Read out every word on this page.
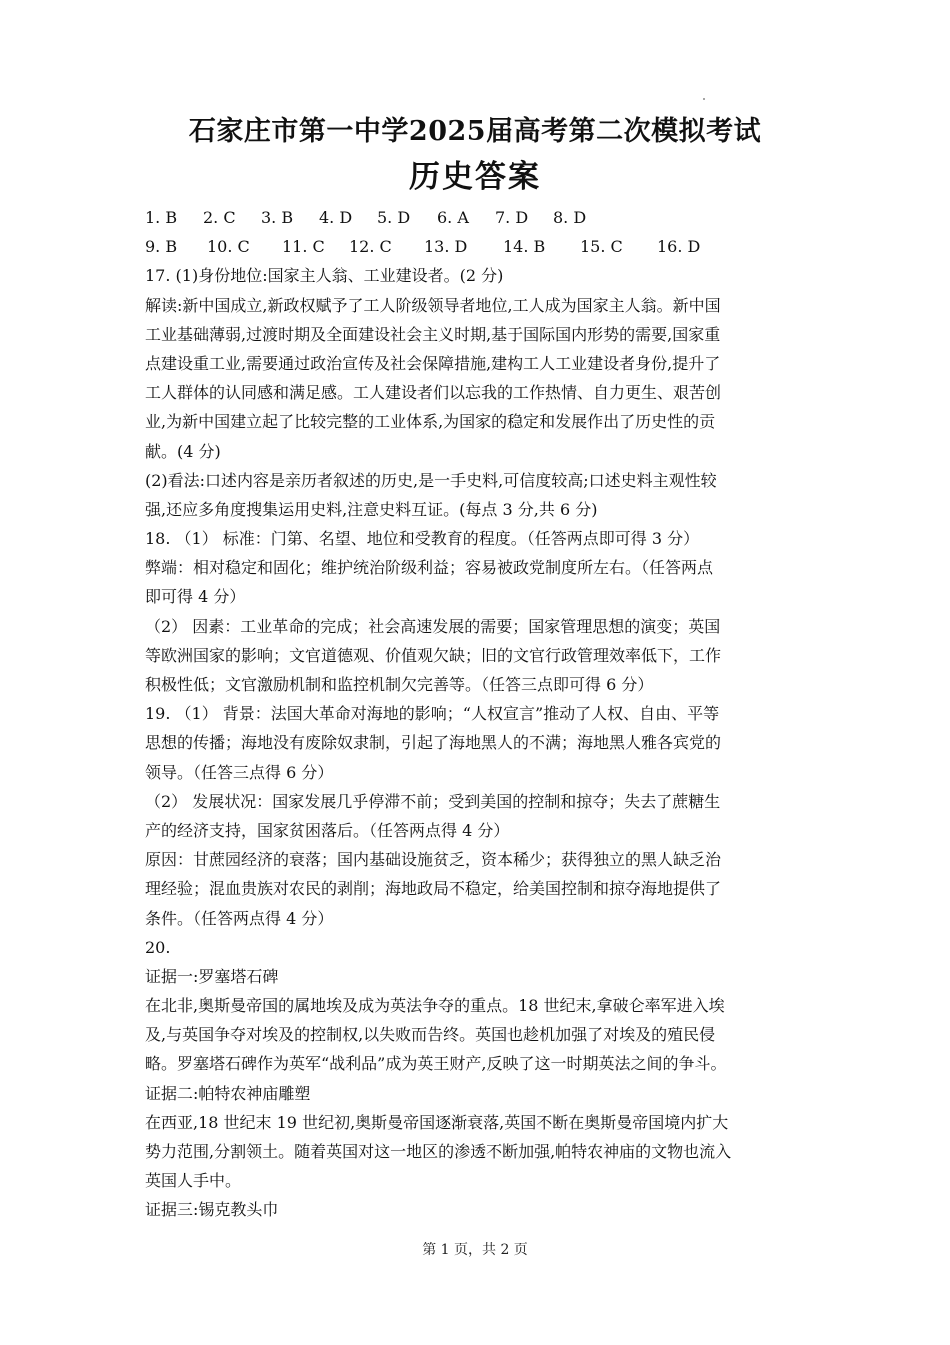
石家庄市第一中学2025届高考第二次模拟考试
历史答案
1. B 2. C 3. B 4. D 5. D 6. A 7. D 8. D
9. B 10. C 11. C 12. C 13. D 14. B 15. C 16. D
17. (1)身份地位:国家主人翁、工业建设者。(2 分)
解读:新中国成立,新政权赋予了工人阶级领导者地位,工人成为国家主人翁。新中国
工业基础薄弱,过渡时期及全面建设社会主义时期,基于国际国内形势的需要,国家重
点建设重工业,需要通过政治宣传及社会保障措施,建构工人工业建设者身份,提升了
工人群体的认同感和满足感。工人建设者们以忘我的工作热情、自力更生、艰苦创
业,为新中国建立起了比较完整的工业体系,为国家的稳定和发展作出了历史性的贡
献。(4 分)
(2)看法:口述内容是亲历者叙述的历史,是一手史料,可信度较高;口述史料主观性较
强,还应多角度搜集运用史料,注意史料互证。(每点 3 分,共 6 分)
18. （1） 标准：门第、名望、地位和受教育的程度。（任答两点即可得 3 分）
弊端：相对稳定和固化；维护统治阶级利益；容易被政党制度所左右。（任答两点
即可得 4 分）
（2） 因素：工业革命的完成；社会高速发展的需要；国家管理思想的演变；英国
等欧洲国家的影响；文官道德观、价值观欠缺；旧的文官行政管理效率低下，工作
积极性低；文官激励机制和监控机制欠完善等。（任答三点即可得 6 分）
19. （1） 背景：法国大革命对海地的影响；“人权宣言”推动了人权、自由、平等
思想的传播；海地没有废除奴隶制，引起了海地黑人的不满；海地黑人雅各宾党的
领导。（任答三点得 6 分）
（2） 发展状况：国家发展几乎停滞不前；受到美国的控制和掠夺；失去了蔗糖生
产的经济支持，国家贫困落后。（任答两点得 4 分）
原因：甘蔗园经济的衰落；国内基础设施贫乏，资本稀少；获得独立的黑人缺乏治
理经验；混血贵族对农民的剥削；海地政局不稳定，给美国控制和掠夺海地提供了
条件。（任答两点得 4 分）
20.
证据一:罗塞塔石碑
在北非,奥斯曼帝国的属地埃及成为英法争夺的重点。18 世纪末,拿破仑率军进入埃
及,与英国争夺对埃及的控制权,以失败而告终。英国也趁机加强了对埃及的殖民侵
略。罗塞塔石碑作为英军“战利品”成为英王财产,反映了这一时期英法之间的争斗。
证据二:帕特农神庙雕塑
在西亚,18 世纪末 19 世纪初,奥斯曼帝国逐渐衰落,英国不断在奥斯曼帝国境内扩大
势力范围,分割领土。随着英国对这一地区的渗透不断加强,帕特农神庙的文物也流入
英国人手中。
证据三:锡克教头巾
第 1 页，共 2 页
